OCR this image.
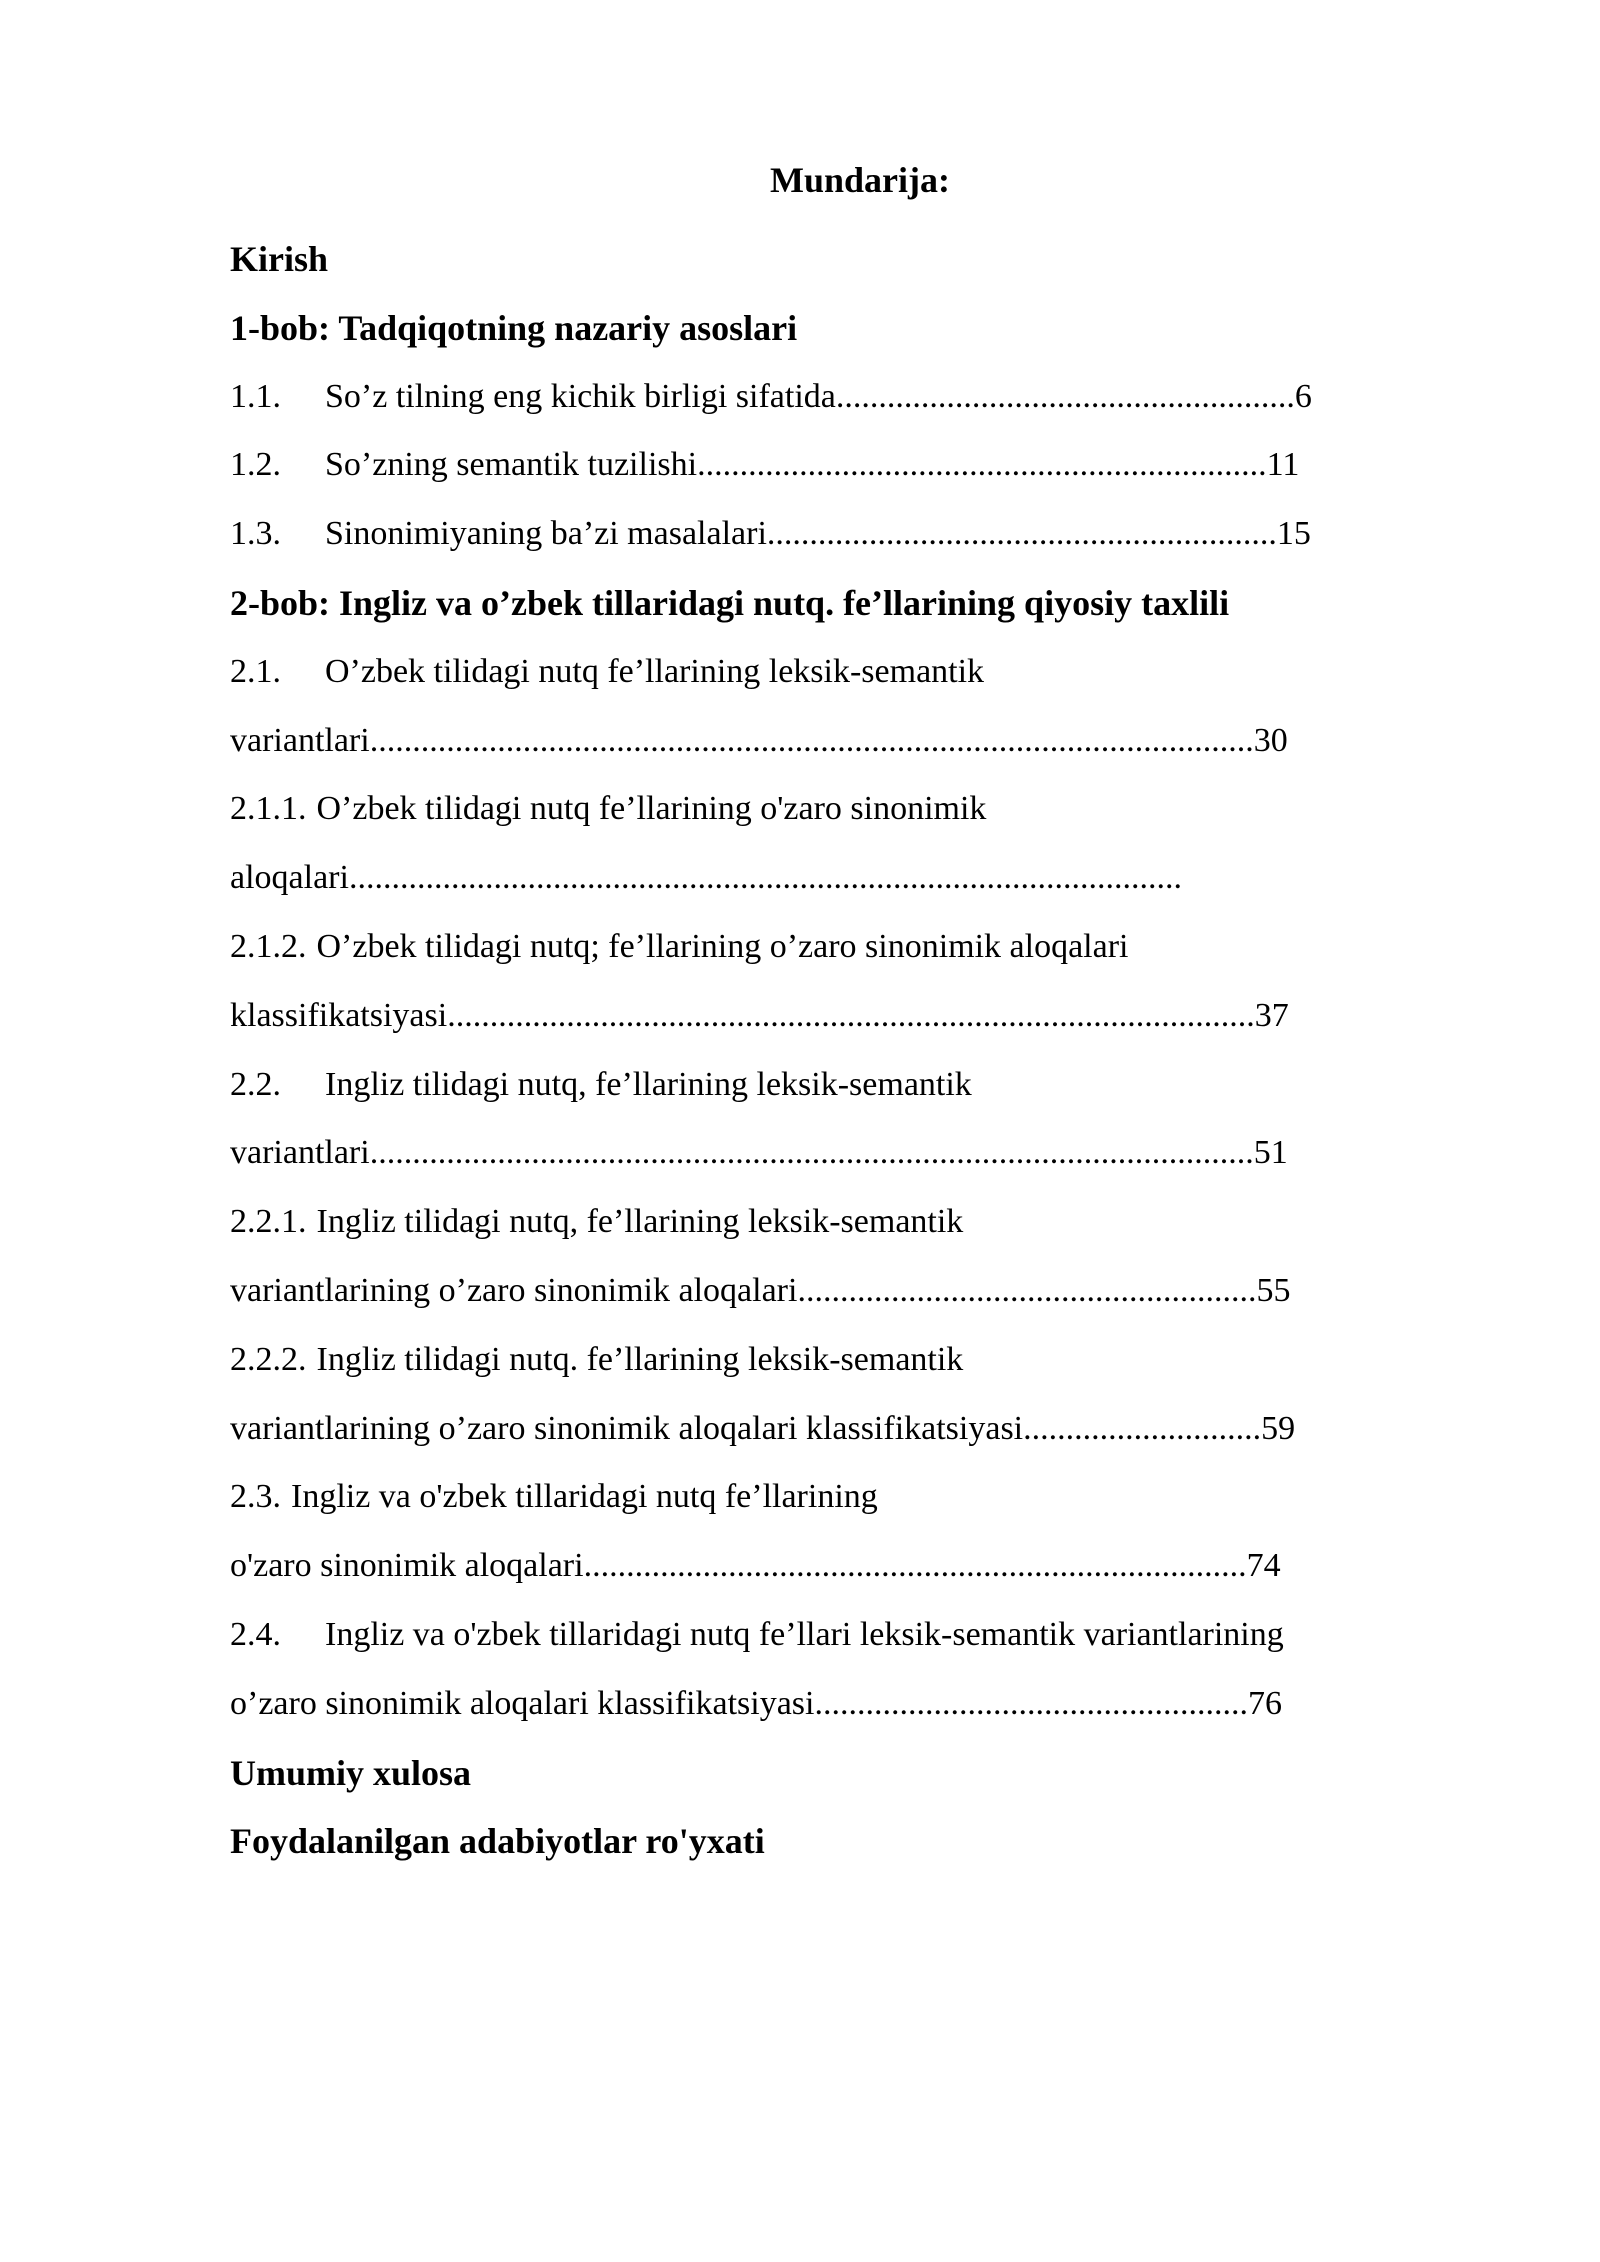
Mundarija:
Kirish
1-bob: Tadqiqotning nazariy asoslari
1.1. So’z tilning eng kichik birligi sifatida......................................................6
1.2. So’zning semantik tuzilishi...................................................................11
1.3. Sinonimiyaning ba’zi masalalari............................................................15
2-bob: Ingliz va o’zbek tillaridagi nutq. fe’llarining qiyosiy taxlili
2.1. O’zbek tilidagi nutq fe’llarining leksik-semantik
variantlari........................................................................................................30
2.1.1. O’zbek tilidagi nutq fe’llarining o'zaro sinonimik
aloqalari..................................................................................................
2.1.2. O’zbek tilidagi nutq; fe’llarining o’zaro sinonimik aloqalari
klassifikatsiyasi...............................................................................................37
2.2. Ingliz tilidagi nutq, fe’llarining leksik-semantik
variantlari........................................................................................................51
2.2.1. Ingliz tilidagi nutq, fe’llarining leksik-semantik
variantlarining o’zaro sinonimik aloqalari......................................................55
2.2.2. Ingliz tilidagi nutq. fe’llarining leksik-semantik
variantlarining o’zaro sinonimik aloqalari klassifikatsiyasi............................59
2.3. Ingliz va o'zbek tillaridagi nutq fe’llarining
o'zaro sinonimik aloqalari..............................................................................74
2.4. Ingliz va o'zbek tillaridagi nutq fe’llari leksik-semantik variantlarining
o’zaro sinonimik aloqalari klassifikatsiyasi...................................................76
Umumiy xulosa
Foydalanilgan adabiyotlar ro'yxati
